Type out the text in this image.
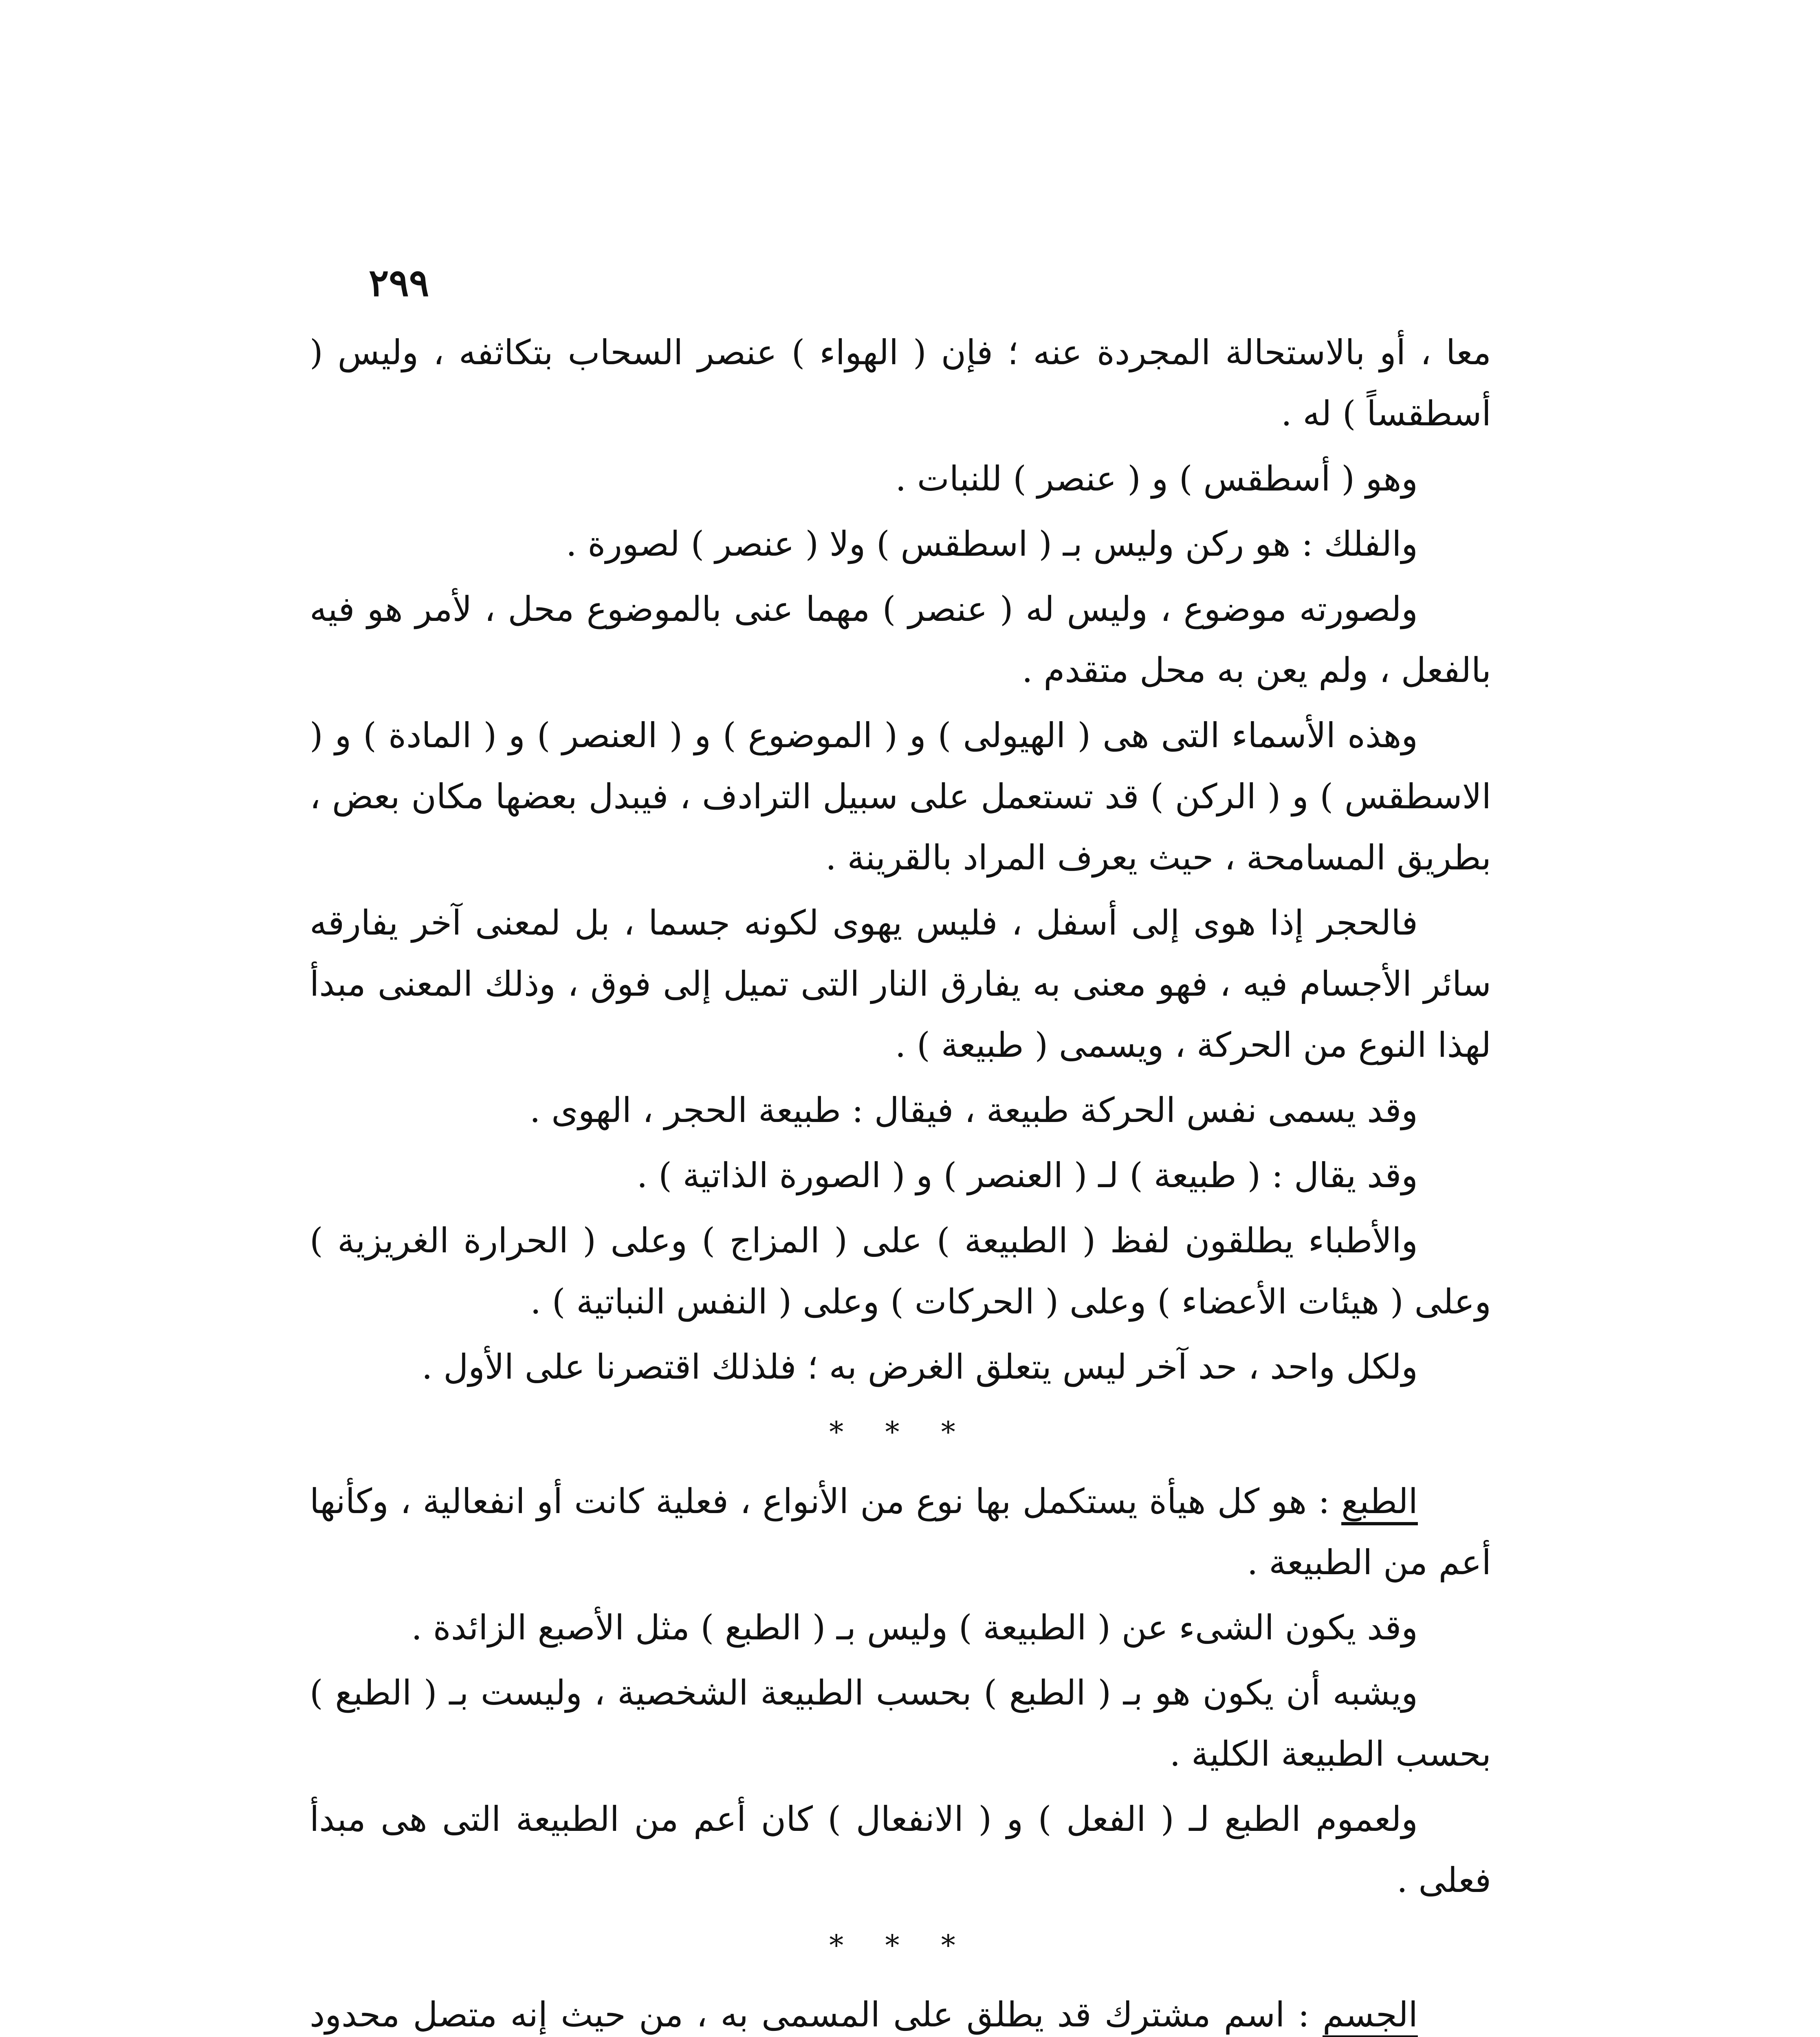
٢٩٩

معا ، أو بالاستحالة المجردة عنه ؛ فإن ( الهواء ) عنصر السحاب بتكاثفه ، وليس ( أسطقساً ) له .

وهو ( أسطقس ) و ( عنصر ) للنبات .

والفلك : هو ركن وليس بـ ( اسطقس ) ولا ( عنصر ) لصورة .

ولصورته موضوع ، وليس له ( عنصر ) مهما عنى بالموضوع محل ، لأمر هو فيه بالفعل ، ولم يعن به محل متقدم .

وهذه الأسماء التى هى ( الهيولى ) و ( الموضوع ) و ( العنصر ) و ( المادة ) و ( الاسطقس ) و ( الركن ) قد تستعمل على سبيل الترادف ، فيبدل بعضها مكان بعض ، بطريق المسامحة ، حيث يعرف المراد بالقرينة .

فالحجر إذا هوى إلى أسفل ، فليس يهوى لكونه جسما ، بل لمعنى آخر يفارقه سائر الأجسام فيه ، فهو معنى به يفارق النار التى تميل إلى فوق ، وذلك المعنى مبدأ لهذا النوع من الحركة ، ويسمى ( طبيعة ) .

وقد يسمى نفس الحركة طبيعة ، فيقال : طبيعة الحجر ، الهوى .

وقد يقال : ( طبيعة ) لـ ( العنصر ) و ( الصورة الذاتية ) .

والأطباء يطلقون لفظ ( الطبيعة ) على ( المزاج ) وعلى ( الحرارة الغريزية ) وعلى ( هيئات الأعضاء ) وعلى ( الحركات ) وعلى ( النفس النباتية ) .

ولكل واحد ، حد آخر ليس يتعلق الغرض به ؛ فلذلك اقتصرنا على الأول .

* * *

الطبع : هو كل هيأة يستكمل بها نوع من الأنواع ، فعلية كانت أو انفعالية ، وكأنها أعم من الطبيعة .

وقد يكون الشىء عن ( الطبيعة ) وليس بـ ( الطبع ) مثل الأصبع الزائدة .

ويشبه أن يكون هو بـ ( الطبع ) بحسب الطبيعة الشخصية ، وليست بـ ( الطبع ) بحسب الطبيعة الكلية .

ولعموم الطبع لـ ( الفعل ) و ( الانفعال ) كان أعم من الطبيعة التى هى مبدأ فعلى .

* * *

الجسم : اسم مشترك قد يطلق على المسمى به ، من حيث إنه متصل محدود
